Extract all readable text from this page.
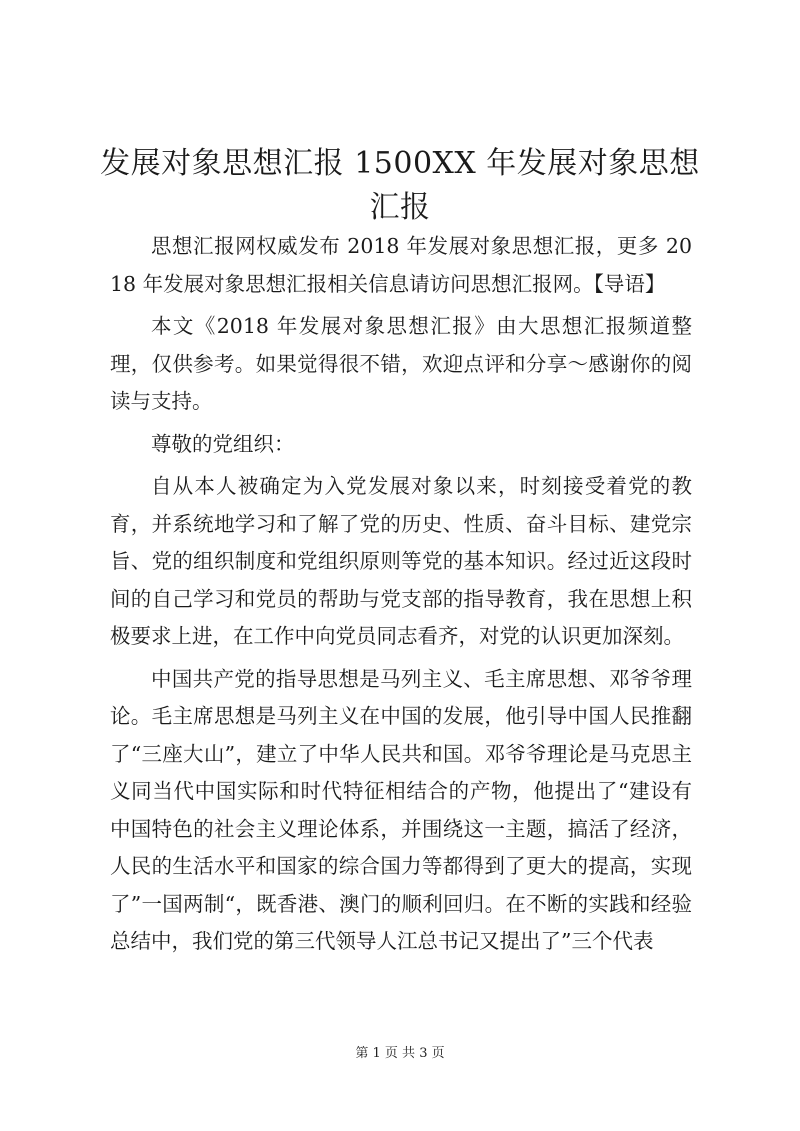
发展对象思想汇报 1500XX 年发展对象思想汇报

思想汇报网权威发布 2018 年发展对象思想汇报，更多 2018 年发展对象思想汇报相关信息请访问思想汇报网。【导语】

本文《2018 年发展对象思想汇报》由大思想汇报频道整理，仅供参考。如果觉得很不错，欢迎点评和分享～感谢你的阅读与支持。

尊敬的党组织：

自从本人被确定为入党发展对象以来，时刻接受着党的教育，并系统地学习和了解了党的历史、性质、奋斗目标、建党宗旨、党的组织制度和党组织原则等党的基本知识。经过近这段时间的自己学习和党员的帮助与党支部的指导教育，我在思想上积极要求上进，在工作中向党员同志看齐，对党的认识更加深刻。

中国共产党的指导思想是马列主义、毛主席思想、邓爷爷理论。毛主席思想是马列主义在中国的发展，他引导中国人民推翻了“三座大山”，建立了中华人民共和国。邓爷爷理论是马克思主义同当代中国实际和时代特征相结合的产物，他提出了“建设有中国特色的社会主义理论体系，并围绕这一主题，搞活了经济，人民的生活水平和国家的综合国力等都得到了更大的提高，实现了”一国两制“，既香港、澳门的顺利回归。在不断的实践和经验总结中，我们党的第三代领导人江总书记又提出了”三个代表

第 1 页 共 3 页
